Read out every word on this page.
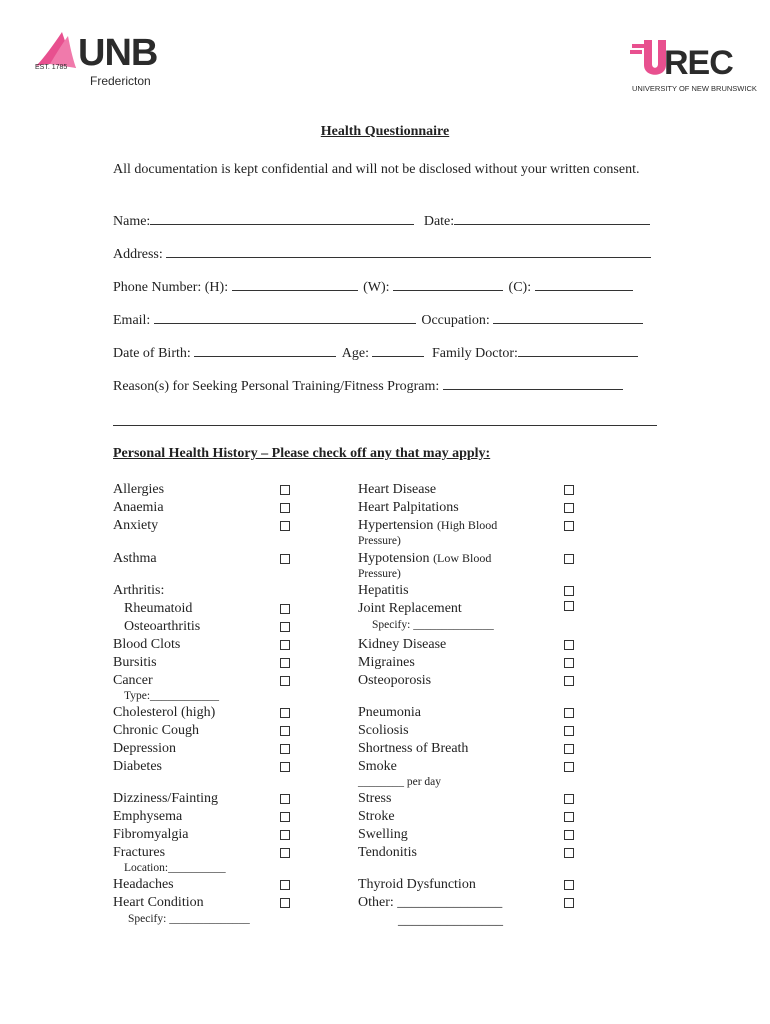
UNB
EST. 1785
Fredericton	REC
UNIVERSITY OF NEW BRUNSWICK
Health Questionnaire
All documentation is kept confidential and will not be disclosed without your written consent.
Name:	Date:
Address:
Phone Number: (H):	(W):	(C):
Email:	Occupation:
Date of Birth:	Age:	Family Doctor:
Reason(s) for Seeking Personal Training/Fitness Program:
Personal Health History – Please check off any that may apply:
Allergies
Anaemia
Anxiety
Asthma
Arthritis:
Rheumatoid
Osteoarthritis
Blood Clots
Bursitis
Cancer
Type:____________
Cholesterol (high)
Chronic Cough
Depression
Diabetes
Dizziness/Fainting
Emphysema
Fibromyalgia
Fractures
Location:__________
Headaches
Heart Condition
Specify: ______________
Heart Disease
Heart Palpitations
Hypertension (High Blood
Pressure)
Hypotension (Low Blood
Pressure)
Hepatitis
Joint Replacement
Specify: ______________
Kidney Disease
Migraines
Osteoporosis
Pneumonia
Scoliosis
Shortness of Breath
Smoke
________ per day
Stress
Stroke
Swelling
Tendonitis
Thyroid Dysfunction
Other: _______________
_______________
